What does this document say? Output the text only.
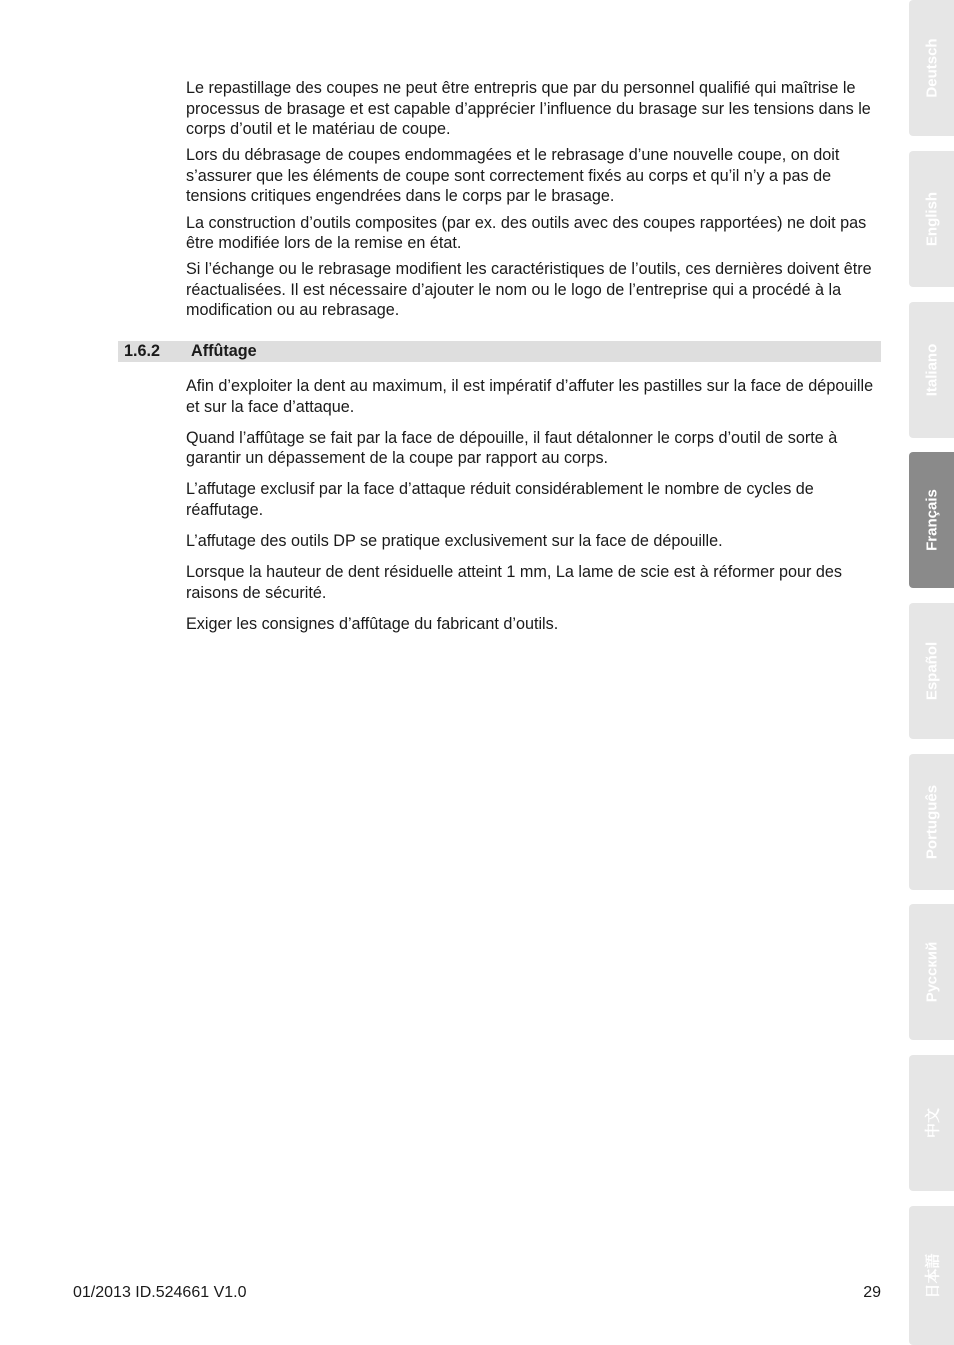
Le repastillage des coupes ne peut être entrepris que par du personnel qualifié qui maîtrise le processus de brasage et est capable d’apprécier l’influence du brasage sur les tensions dans le corps d’outil et le matériau de coupe.

Lors du débrasage de coupes endommagées et le rebrasage d’une nouvelle coupe, on doit s’assurer que les éléments de coupe sont correctement fixés au corps et qu’il n’y a pas de tensions critiques engendrées dans le corps par le brasage.

La construction d’outils composites (par ex. des outils avec des coupes rapportées) ne doit pas être modifiée lors de la remise en état.

Si l’échange ou le rebrasage modifient les caractéristiques de l’outils, ces dernières doivent être réactualisées. Il est nécessaire d’ajouter le nom ou le logo de l’entreprise qui a procédé à la modification ou au rebrasage.

1.6.2 Affûtage

Afin d’exploiter la dent au maximum, il est impératif d’affuter les pastilles sur la face de dépouille et sur la face d’attaque.

Quand l’affûtage se fait par la face de dépouille, il faut détalonner le corps d’outil de sorte à garantir un dépassement de la coupe par rapport au corps.

L’affutage exclusif par la face d’attaque réduit considérablement le nombre de cycles de réaffutage.

L’affutage des outils DP se pratique exclusivement sur la face de dépouille.

Lorsque la hauteur de dent résiduelle atteint 1 mm, La lame de scie est à réformer pour des raisons de sécurité.

Exiger les consignes d’affûtage du fabricant d’outils.

01/2013 ID.524661 V1.0	29
Deutsch
English
Italiano
Français
Español
Português
Русский
中文
日本語
